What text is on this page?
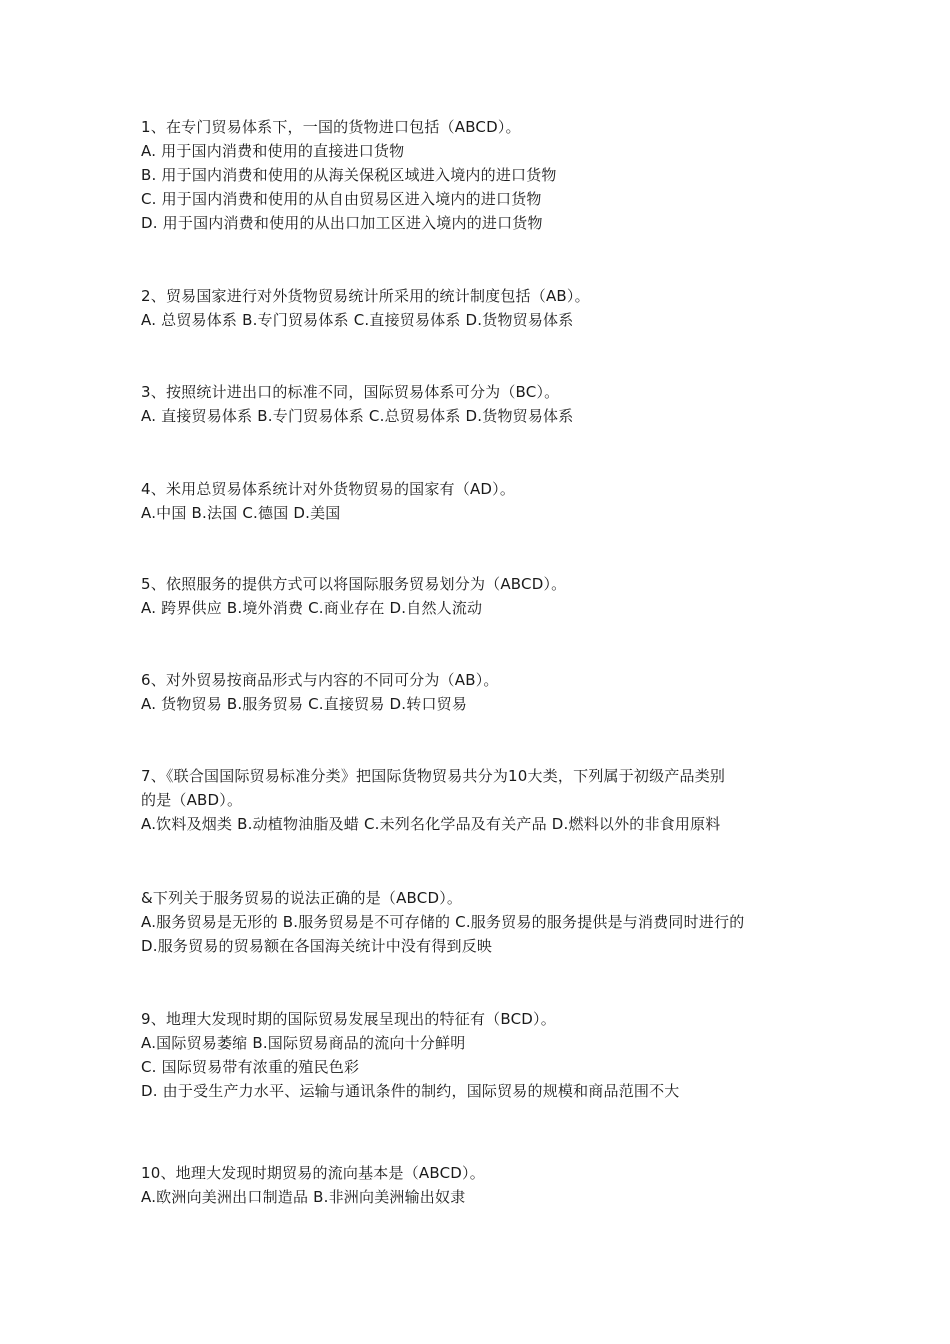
1、在专门贸易体系下，一国的货物进口包括（ABCD）。
A. 用于国内消费和使用的直接进口货物
B. 用于国内消费和使用的从海关保税区域进入境内的进口货物
C. 用于国内消费和使用的从自由贸易区进入境内的进口货物
D. 用于国内消费和使用的从出口加工区进入境内的进口货物
2、贸易国家进行对外货物贸易统计所采用的统计制度包括（AB）。
A. 总贸易体系 B.专门贸易体系 C.直接贸易体系 D.货物贸易体系
3、按照统计进出口的标准不同，国际贸易体系可分为（BC）。
A. 直接贸易体系 B.专门贸易体系 C.总贸易体系 D.货物贸易体系
4、米用总贸易体系统计对外货物贸易的国家有（AD）。
A.中国 B.法国 C.德国 D.美国
5、依照服务的提供方式可以将国际服务贸易划分为（ABCD）。
A. 跨界供应 B.境外消费 C.商业存在 D.自然人流动
6、对外贸易按商品形式与内容的不同可分为（AB）。
A. 货物贸易 B.服务贸易 C.直接贸易 D.转口贸易
7、《联合国国际贸易标准分类》把国际货物贸易共分为10大类，下列属于初级产品类别
的是（ABD）。
A.饮料及烟类 B.动植物油脂及蜡 C.未列名化学品及有关产品 D.燃料以外的非食用原料
&下列关于服务贸易的说法正确的是（ABCD）。
A.服务贸易是无形的 B.服务贸易是不可存储的 C.服务贸易的服务提供是与消费同时进行的
D.服务贸易的贸易额在各国海关统计中没有得到反映
9、地理大发现时期的国际贸易发展呈现出的特征有（BCD）。
A.国际贸易萎缩 B.国际贸易商品的流向十分鲜明
C. 国际贸易带有浓重的殖民色彩
D. 由于受生产力水平、运输与通讯条件的制约，国际贸易的规模和商品范围不大
10、地理大发现时期贸易的流向基本是（ABCD）。
A.欧洲向美洲出口制造品 B.非洲向美洲输出奴隶
